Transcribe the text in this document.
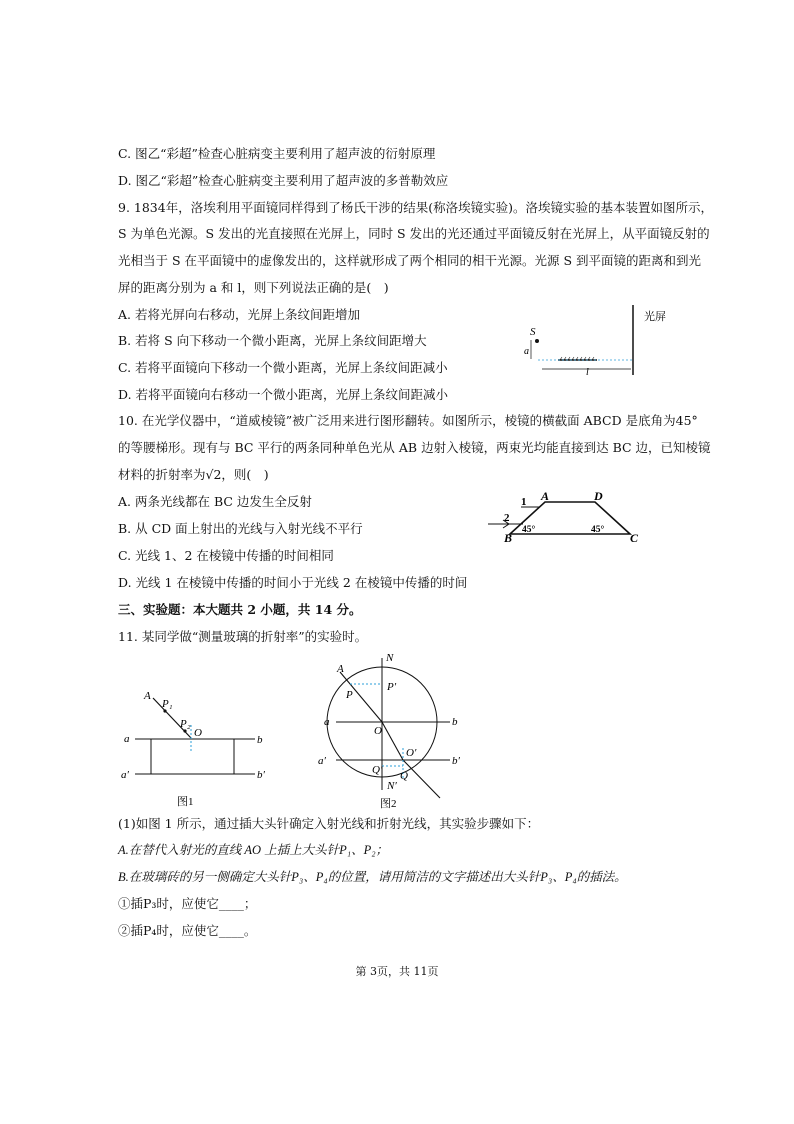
C. 图乙“彩超”检查心脏病变主要利用了超声波的衍射原理
D. 图乙“彩超”检查心脏病变主要利用了超声波的多普勒效应
9. 1834年，洛埃利用平面镜同样得到了杨氏干涉的结果(称洛埃镜实验)。洛埃镜实验的基本装置如图所示，
S 为单色光源。S 发出的光直接照在光屏上，同时 S 发出的光还通过平面镜反射在光屏上，从平面镜反射的
光相当于 S 在平面镜中的虚像发出的，这样就形成了两个相同的相干光源。光源 S 到平面镜的距离和到光
屏的距离分别为 a 和 l，则下列说法正确的是(　)
A. 若将光屏向右移动，光屏上条纹间距增加
B. 若将 S 向下移动一个微小距离，光屏上条纹间距增大
C. 若将平面镜向下移动一个微小距离，光屏上条纹间距减小
D. 若将平面镜向右移动一个微小距离，光屏上条纹间距减小
10. 在光学仪器中，“道威棱镜”被广泛用来进行图形翻转。如图所示，棱镜的横截面 ABCD 是底角为45°
的等腰梯形。现有与 BC 平行的两条同种单色光从 AB 边射入棱镜，两束光均能直接到达 BC 边，已知棱镜
材料的折射率为√2，则(　)
A. 两条光线都在 BC 边发生全反射
B. 从 CD 面上射出的光线与入射光线不平行
C. 光线 1、2 在棱镜中传播的时间相同
D. 光线 1 在棱镜中传播的时间小于光线 2 在棱镜中传播的时间
三、实验题：本大题共 2 小题，共 14 分。
11. 某同学做“测量玻璃的折射率”的实验时。
(1)如图 1 所示，通过插大头针确定入射光线和折射光线，其实验步骤如下：
A.在替代入射光的直线 AO 上插上大头针P₁、P₂；
B.在玻璃砖的另一侧确定大头针P₃、P₄的位置，请用简洁的文字描述出大头针P₃、P₄的插法。
①插P₃时，应使它____；
②插P₄时，应使它____。
光屏
S
a
l
1
2
A	D
B	C
45°	45°
A
P₁
P₂
O
a	b
a′	b′
图1
N
A
P
P′
a	b
O
O′
a′	b′
Q′ Q
N′
图2
第 3页，共 11页
